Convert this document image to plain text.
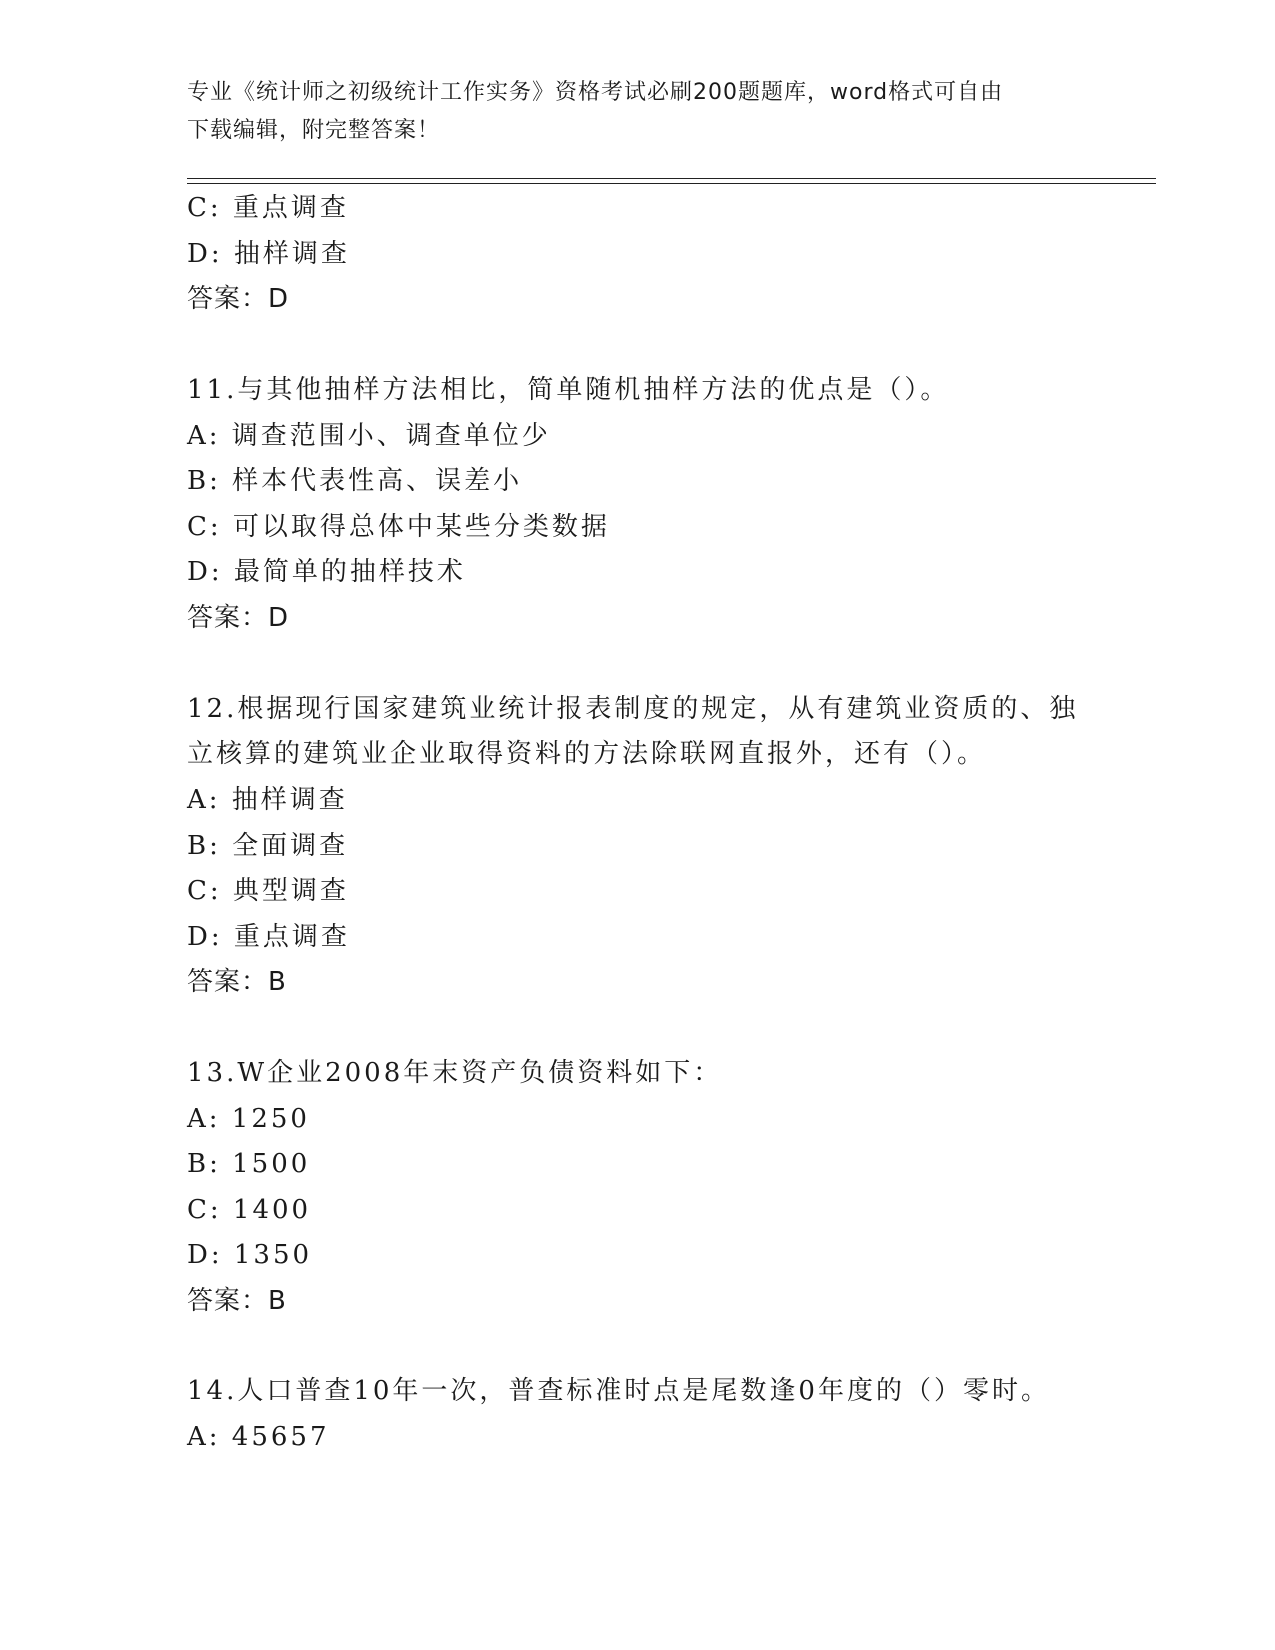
专业《统计师之初级统计工作实务》资格考试必刷200题题库，word格式可自由
下载编辑，附完整答案！
C: 重点调查
D: 抽样调查
答案：D
11.与其他抽样方法相比，简单随机抽样方法的优点是（）。
A: 调查范围小、调查单位少
B: 样本代表性高、误差小
C: 可以取得总体中某些分类数据
D: 最简单的抽样技术
答案：D
12.根据现行国家建筑业统计报表制度的规定，从有建筑业资质的、独
立核算的建筑业企业取得资料的方法除联网直报外，还有（）。
A: 抽样调查
B: 全面调查
C: 典型调查
D: 重点调查
答案：B
13.W企业2008年末资产负债资料如下：
A: 1250
B: 1500
C: 1400
D: 1350
答案：B
14.人口普查10年一次，普查标准时点是尾数逢0年度的（）零时。
A: 45657
